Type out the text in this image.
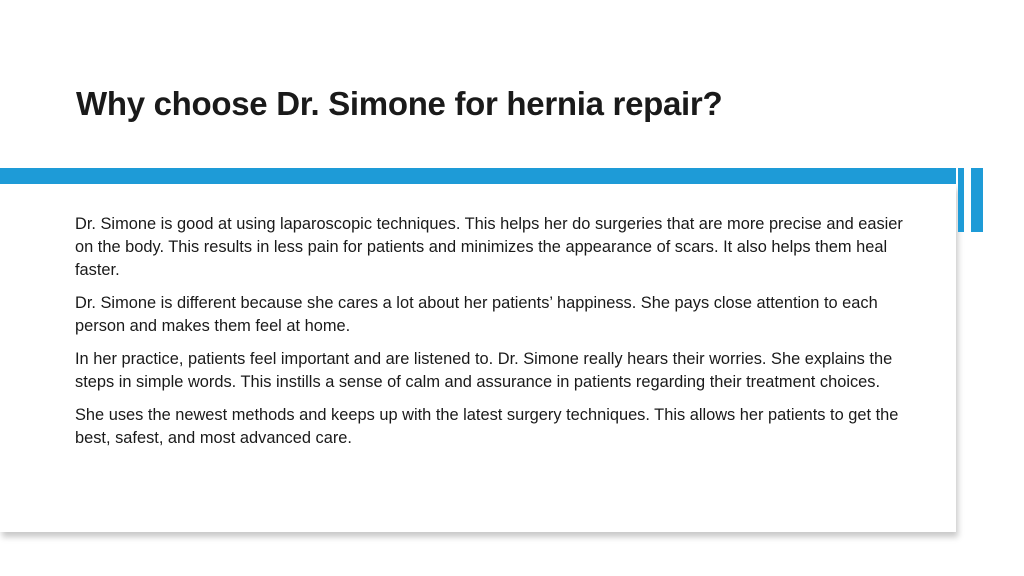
Why choose Dr. Simone for hernia repair?

Dr. Simone is good at using laparoscopic techniques. This helps her do surgeries that are more precise and easier on the body. This results in less pain for patients and minimizes the appearance of scars. It also helps them heal faster.

Dr. Simone is different because she cares a lot about her patients’ happiness. She pays close attention to each person and makes them feel at home.

In her practice, patients feel important and are listened to. Dr. Simone really hears their worries. She explains the steps in simple words. This instills a sense of calm and assurance in patients regarding their treatment choices.

She uses the newest methods and keeps up with the latest surgery techniques. This allows her patients to get the best, safest, and most advanced care.
